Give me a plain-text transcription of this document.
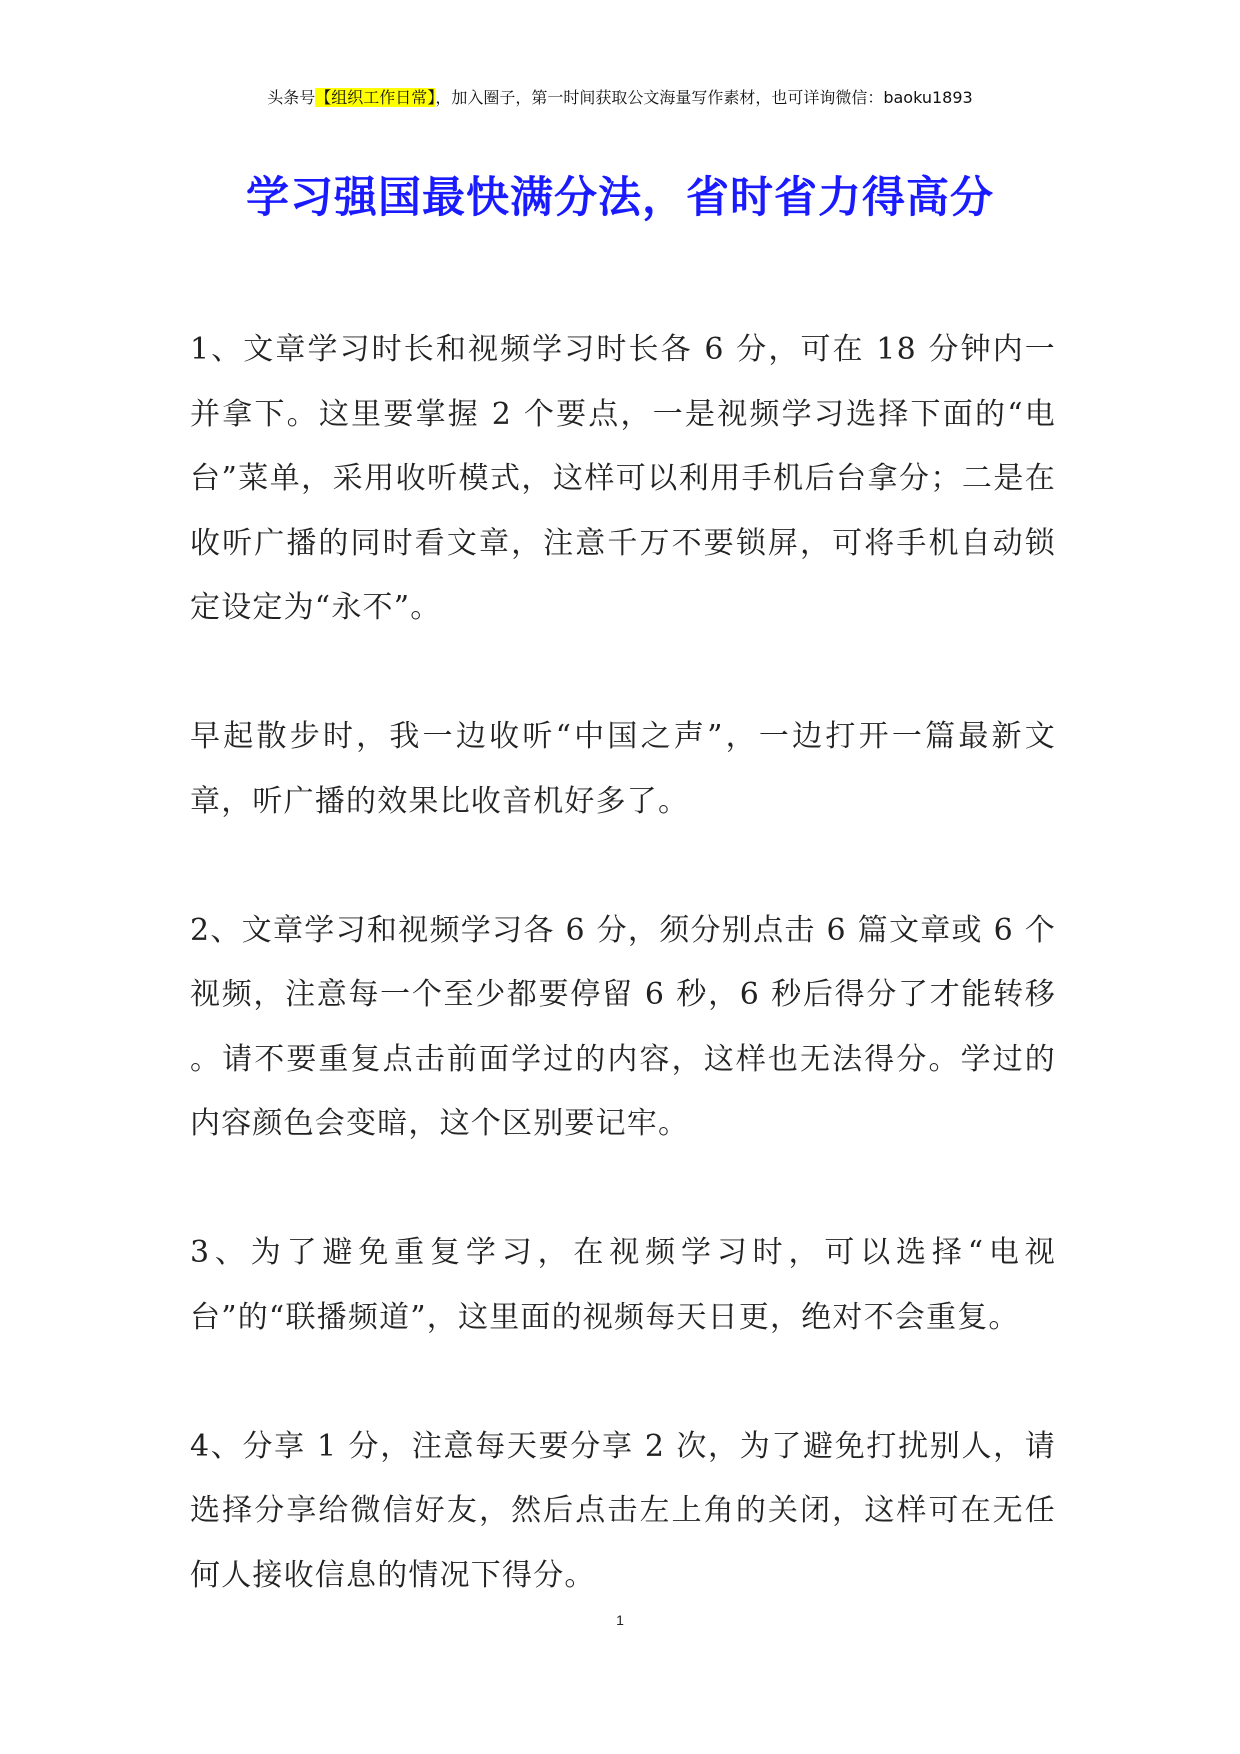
头条号【组织工作日常】，加入圈子，第一时间获取公文海量写作素材，也可详询微信：baoku1893
学习强国最快满分法，省时省力得高分

1、文章学习时长和视频学习时长各 6 分，可在 18 分钟内一并拿下。这里要掌握 2 个要点，一是视频学习选择下面的“电台”菜单，采用收听模式，这样可以利用手机后台拿分；二是在收听广播的同时看文章，注意千万不要锁屏，可将手机自动锁定设定为“永不”。

早起散步时，我一边收听“中国之声”，一边打开一篇最新文章，听广播的效果比收音机好多了。

2、文章学习和视频学习各 6 分，须分别点击 6 篇文章或 6 个视频，注意每一个至少都要停留 6 秒，6 秒后得分了才能转移 。请不要重复点击前面学过的内容，这样也无法得分。学过的内容颜色会变暗，这个区别要记牢。

3、为了避免重复学习，在视频学习时，可以选择“电视台”的“联播频道”，这里面的视频每天日更，绝对不会重复。

4、分享 1 分，注意每天要分享 2 次，为了避免打扰别人，请选择分享给微信好友，然后点击左上角的关闭，这样可在无任何人接收信息的情况下得分。

1
